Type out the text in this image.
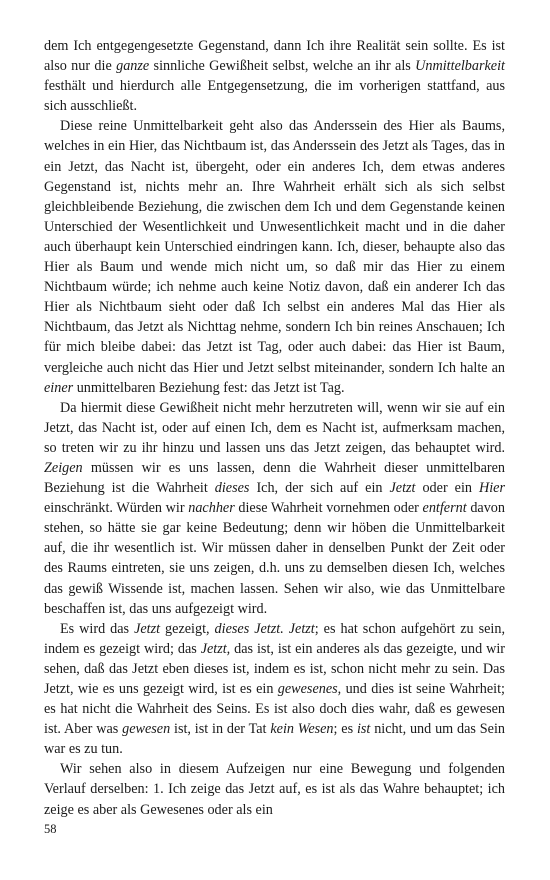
dem Ich entgegengesetzte Gegenstand, dann Ich ihre Realität sein sollte. Es ist also nur die ganze sinnliche Gewißheit selbst, welche an ihr als Unmittelbarkeit festhält und hierdurch alle Entgegensetzung, die im vorherigen stattfand, aus sich ausschließt.

Diese reine Unmittelbarkeit geht also das Anderssein des Hier als Baums, welches in ein Hier, das Nichtbaum ist, das Anderssein des Jetzt als Tages, das in ein Jetzt, das Nacht ist, übergeht, oder ein anderes Ich, dem etwas anderes Gegenstand ist, nichts mehr an. Ihre Wahrheit erhält sich als sich selbst gleichbleibende Beziehung, die zwischen dem Ich und dem Gegenstande keinen Unterschied der Wesentlichkeit und Unwesentlichkeit macht und in die daher auch überhaupt kein Unterschied eindringen kann. Ich, dieser, behaupte also das Hier als Baum und wende mich nicht um, so daß mir das Hier zu einem Nichtbaum würde; ich nehme auch keine Notiz davon, daß ein anderer Ich das Hier als Nichtbaum sieht oder daß Ich selbst ein anderes Mal das Hier als Nichtbaum, das Jetzt als Nichttag nehme, sondern Ich bin reines Anschauen; Ich für mich bleibe dabei: das Jetzt ist Tag, oder auch dabei: das Hier ist Baum, vergleiche auch nicht das Hier und Jetzt selbst miteinander, sondern Ich halte an einer unmittelbaren Beziehung fest: das Jetzt ist Tag.

Da hiermit diese Gewißheit nicht mehr herzutreten will, wenn wir sie auf ein Jetzt, das Nacht ist, oder auf einen Ich, dem es Nacht ist, aufmerksam machen, so treten wir zu ihr hinzu und lassen uns das Jetzt zeigen, das behauptet wird. Zeigen müssen wir es uns lassen, denn die Wahrheit dieser unmittelbaren Beziehung ist die Wahrheit dieses Ich, der sich auf ein Jetzt oder ein Hier einschränkt. Würden wir nachher diese Wahrheit vornehmen oder entfernt davon stehen, so hätte sie gar keine Bedeutung; denn wir höben die Unmittelbarkeit auf, die ihr wesentlich ist. Wir müssen daher in denselben Punkt der Zeit oder des Raums eintreten, sie uns zeigen, d.h. uns zu demselben diesen Ich, welches das gewiß Wissende ist, machen lassen. Sehen wir also, wie das Unmittelbare beschaffen ist, das uns aufgezeigt wird.

Es wird das Jetzt gezeigt, dieses Jetzt. Jetzt; es hat schon aufgehört zu sein, indem es gezeigt wird; das Jetzt, das ist, ist ein anderes als das gezeigte, und wir sehen, daß das Jetzt eben dieses ist, indem es ist, schon nicht mehr zu sein. Das Jetzt, wie es uns gezeigt wird, ist es ein gewesenes, und dies ist seine Wahrheit; es hat nicht die Wahrheit des Seins. Es ist also doch dies wahr, daß es gewesen ist. Aber was gewesen ist, ist in der Tat kein Wesen; es ist nicht, und um das Sein war es zu tun.

Wir sehen also in diesem Aufzeigen nur eine Bewegung und folgenden Verlauf derselben: 1. Ich zeige das Jetzt auf, es ist als das Wahre behauptet; ich zeige es aber als Gewesenes oder als ein

58
